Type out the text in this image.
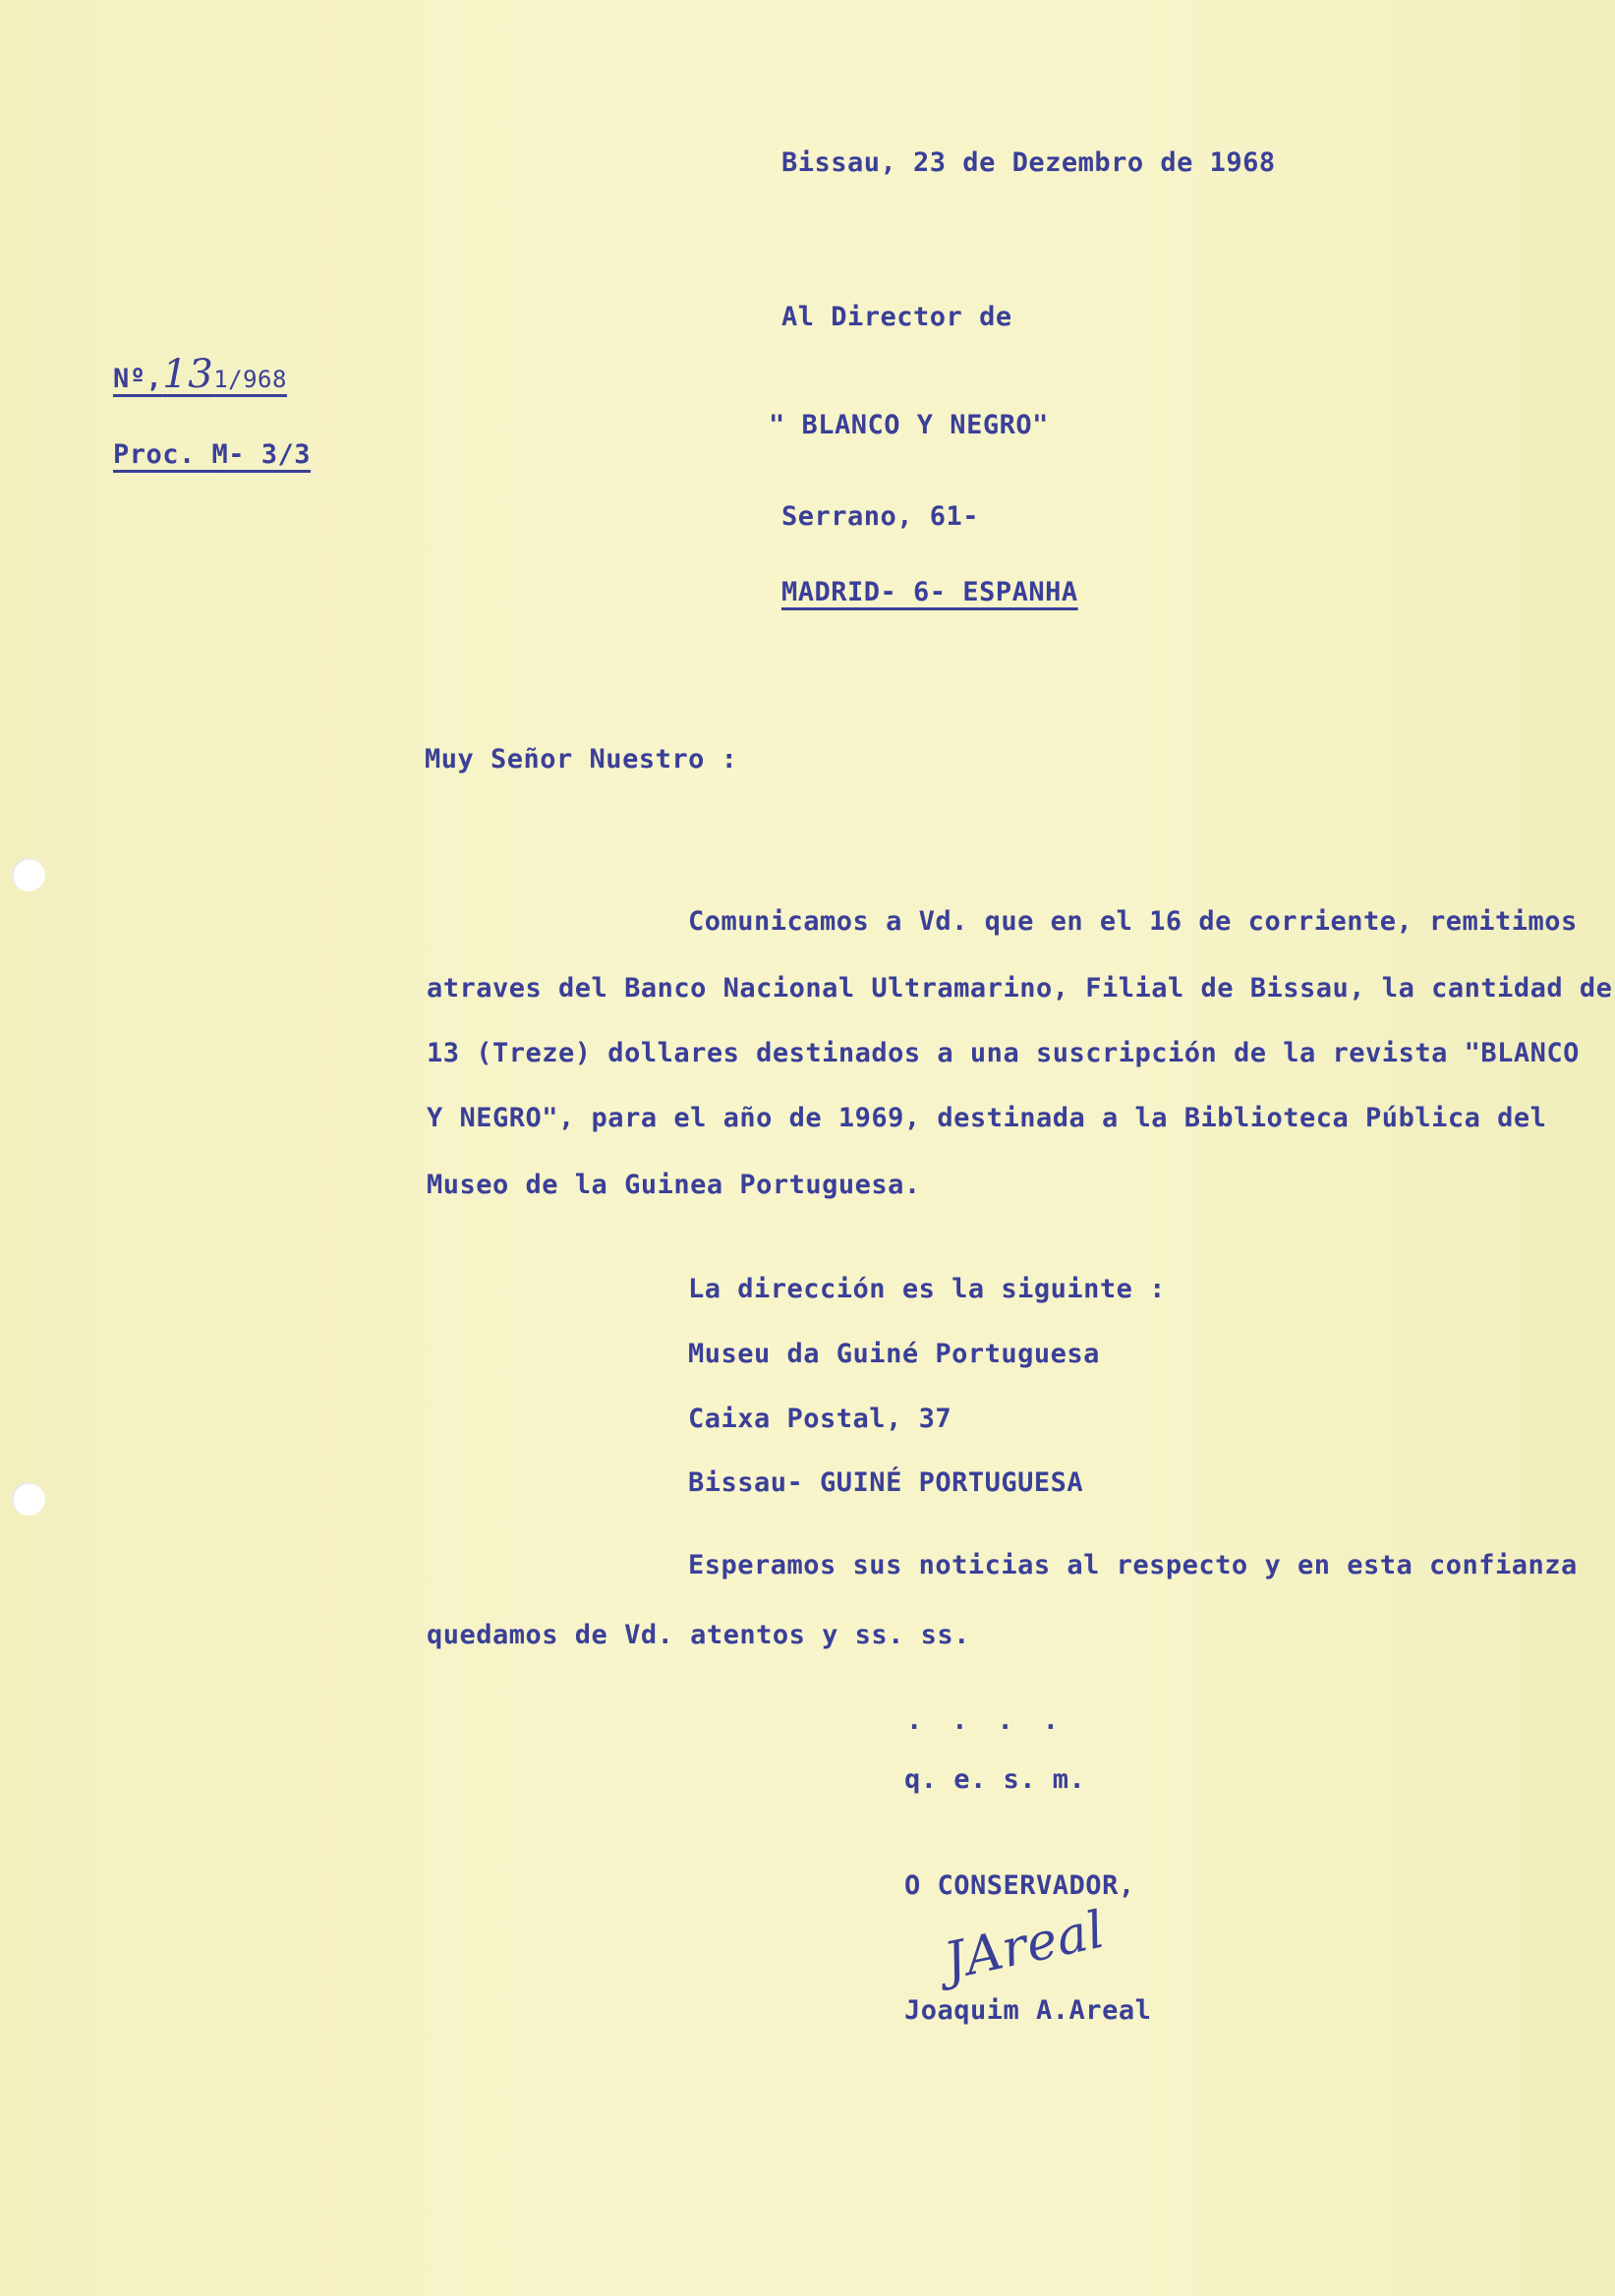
Bissau, 23 de Dezembro de 1968
Nº,131/968
Proc. M- 3/3
Al Director de
" BLANCO Y NEGRO"
Serrano, 61-
MADRID- 6- ESPANHA
Muy Señor Nuestro :
Comunicamos a Vd. que en el 16 de corriente, remitimos
atraves del Banco Nacional Ultramarino, Filial de Bissau, la cantidad de
13 (Treze) dollares destinados a una suscripción de la revista "BLANCO
Y NEGRO", para el año de 1969, destinada a la Biblioteca Pública del
Museo de la Guinea Portuguesa.
La dirección es la siguinte :
Museu da Guiné Portuguesa
Caixa Postal, 37
Bissau- GUINÉ PORTUGUESA
Esperamos sus noticias al respecto y en esta confianza
quedamos de Vd. atentos y ss. ss.
....
q. e. s. m.
O CONSERVADOR,
JAreal
Joaquim A.Areal
